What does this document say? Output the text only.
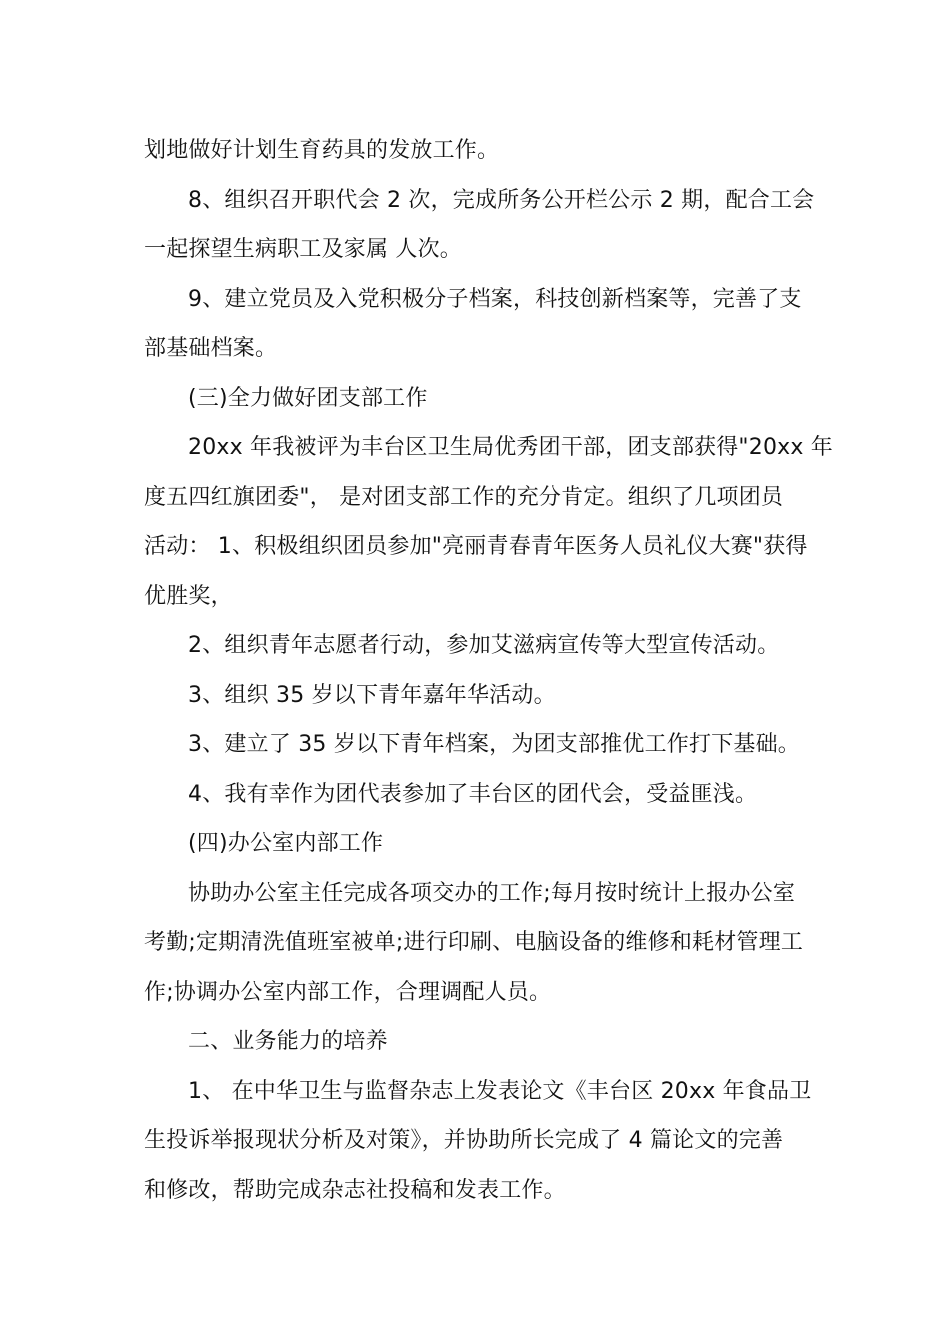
划地做好计划生育药具的发放工作。

8、组织召开职代会 2 次，完成所务公开栏公示 2 期，配合工会
一起探望生病职工及家属 人次。

9、建立党员及入党积极分子档案，科技创新档案等，完善了支
部基础档案。

(三)全力做好团支部工作

20xx 年我被评为丰台区卫生局优秀团干部，团支部获得"20xx 年
度五四红旗团委"， 是对团支部工作的充分肯定。组织了几项团员
活动： 1、积极组织团员参加"亮丽青春青年医务人员礼仪大赛"获得
优胜奖，

2、组织青年志愿者行动，参加艾滋病宣传等大型宣传活动。

3、组织 35 岁以下青年嘉年华活动。

3、建立了 35 岁以下青年档案，为团支部推优工作打下基础。

4、我有幸作为团代表参加了丰台区的团代会，受益匪浅。

(四)办公室内部工作

协助办公室主任完成各项交办的工作;每月按时统计上报办公室
考勤;定期清洗值班室被单;进行印刷、电脑设备的维修和耗材管理工
作;协调办公室内部工作，合理调配人员。

二、业务能力的培养

1、 在中华卫生与监督杂志上发表论文《丰台区 20xx 年食品卫
生投诉举报现状分析及对策》，并协助所长完成了 4 篇论文的完善
和修改，帮助完成杂志社投稿和发表工作。
